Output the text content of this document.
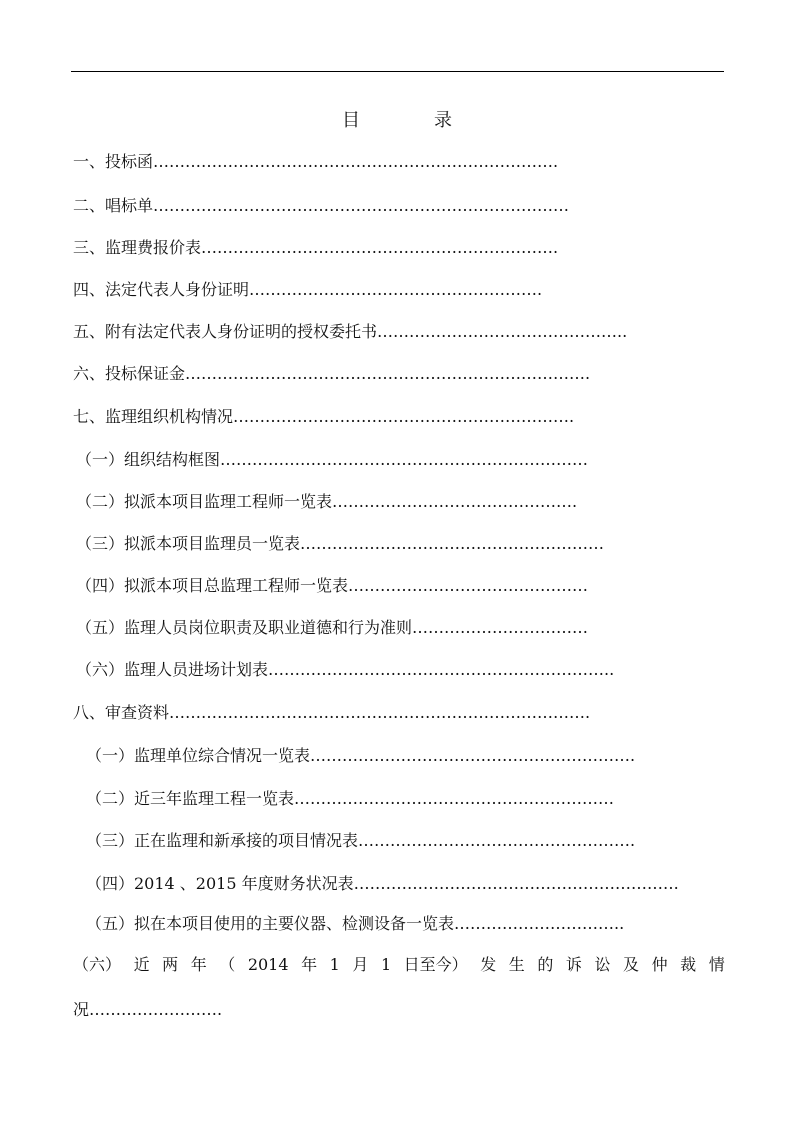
目	录
一、投标函………………………………………………………………….
二、唱标单……………………………………………………………………
三、监理费报价表………………………………………………………….
四、法定代表人身份证明……………………………………………….
五、附有法定代表人身份证明的授权委托书………………………………………..
六、投标保证金………………………………………………………………….
七、监理组织机构情况……………………………………………………….
（一）组织结构框图……………………………………………………………
（二）拟派本项目监理工程师一览表……………………………………….
（三）拟派本项目监理员一览表…………………………………………………
（四）拟派本项目总监理工程师一览表………………………………………
（五）监理人员岗位职责及职业道德和行为准则……………………………
（六）监理人员进场计划表………………………………………………………..
八、审查资料…………………………………………………………………….
（一）监理单位综合情况一览表…………………………………………………….
（二）近三年监理工程一览表……………………………………………………
（三）正在监理和新承接的项目情况表…………………………………………….
（四）2014 、2015 年度财务状况表…………………………………………………….
（五）拟在本项目使用的主要仪器、检测设备一览表…………………………..
（六） 近 两 年 （ 2014 年 1 月 1 日至今） 发 生 的 诉 讼 及 仲 裁 情
况…………………….
